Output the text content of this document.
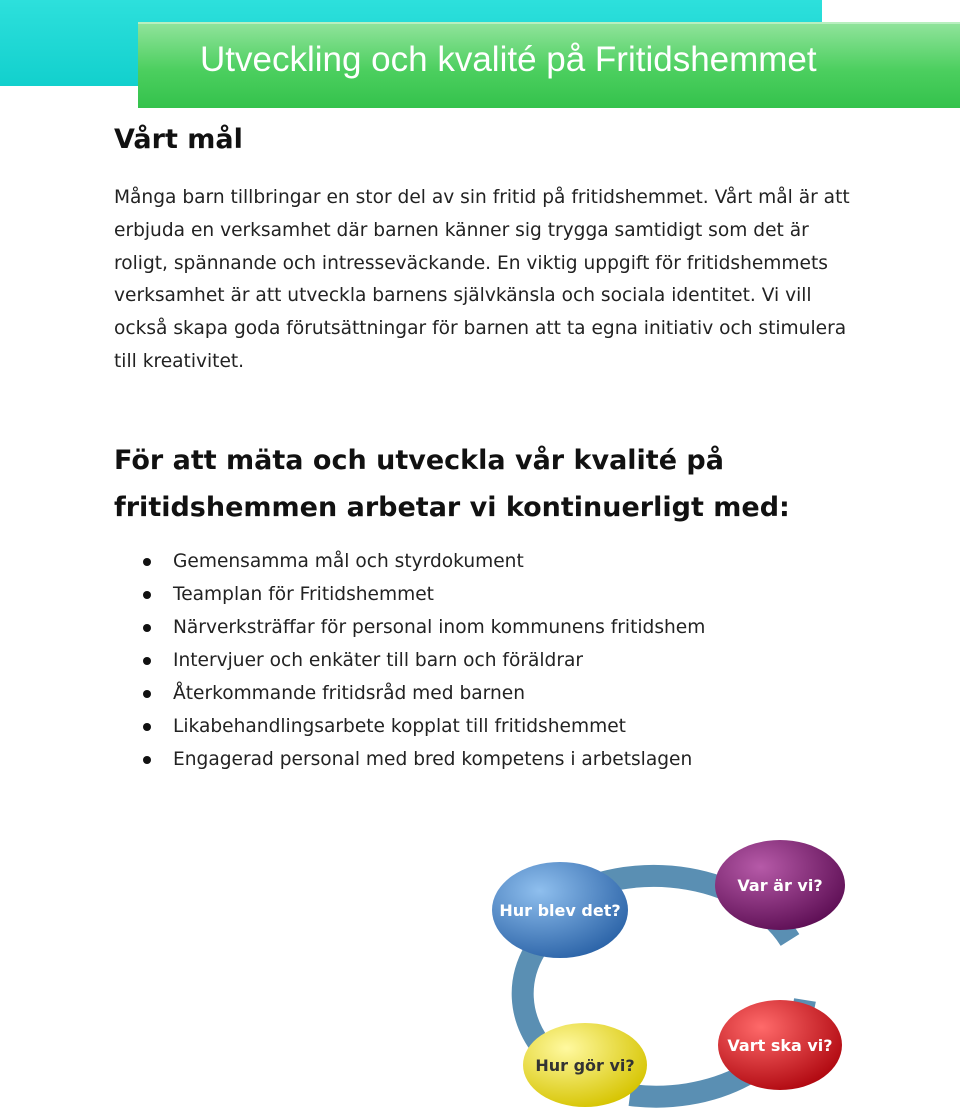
Utveckling och kvalité på Fritidshemmet
Vårt mål

Många barn tillbringar en stor del av sin fritid på fritidshemmet. Vårt mål är att erbjuda en verksamhet där barnen känner sig trygga samtidigt som det är roligt, spännande och intresseväckande. En viktig uppgift för fritidshemmets verksamhet är att utveckla barnens självkänsla och sociala identitet. Vi vill också skapa goda förutsättningar för barnen att ta egna initiativ och stimulera till kreativitet.

För att mäta och utveckla vår kvalité på fritidshemmen arbetar vi kontinuerligt med:
Gemensamma mål och styrdokument
Teamplan för Fritidshemmet
Närverksträffar för personal inom kommunens fritidshem
Intervjuer och enkäter till barn och föräldrar
Återkommande fritidsråd med barnen
Likabehandlingsarbete kopplat till fritidshemmet
Engagerad personal med bred kompetens i arbetslagen
Var är vi?
Vart ska vi?
Hur gör vi?
Hur blev det?
